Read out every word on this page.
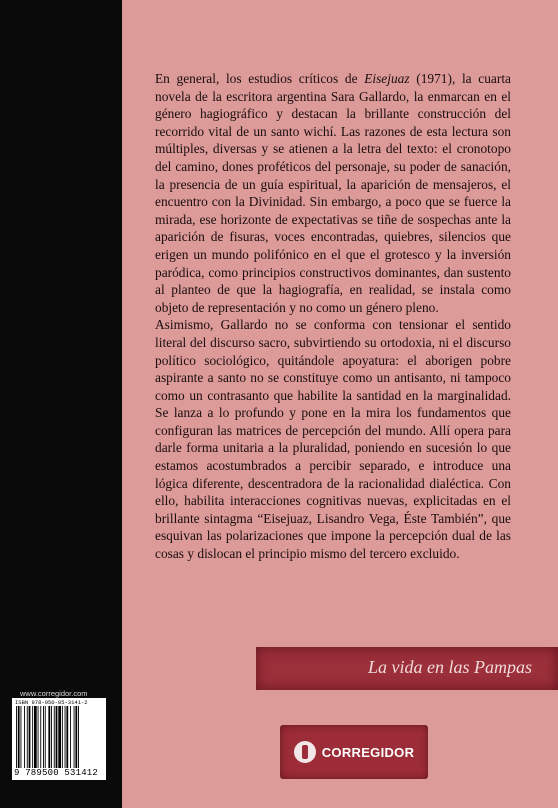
En general, los estudios críticos de Eisejuaz (1971), la cuarta novela de la escritora argentina Sara Gallardo, la enmarcan en el género hagiográfico y destacan la brillante construcción del recorrido vital de un santo wichí. Las razones de esta lectura son múltiples, diversas y se atienen a la letra del texto: el cronotopo del camino, dones proféticos del personaje, su poder de sanación, la presencia de un guía espiritual, la aparición de mensajeros, el encuentro con la Divinidad. Sin embargo, a poco que se fuerce la mirada, ese horizonte de expectativas se tiñe de sospechas ante la aparición de fisuras, voces encontradas, quiebres, silencios que erigen un mundo polifónico en el que el grotesco y la inversión paródica, como principios constructivos dominantes, dan sustento al planteo de que la hagiografía, en realidad, se instala como objeto de representación y no como un género pleno.

Asimismo, Gallardo no se conforma con tensionar el sentido literal del discurso sacro, subvirtiendo su ortodoxia, ni el discurso político sociológico, quitándole apoyatura: el aborigen pobre aspirante a santo no se constituye como un antisanto, ni tampoco como un contrasanto que habilite la santidad en la marginalidad. Se lanza a lo profundo y pone en la mira los fundamentos que configuran las matrices de percepción del mundo. Allí opera para darle forma unitaria a la pluralidad, poniendo en sucesión lo que estamos acostumbrados a percibir separado, e introduce una lógica diferente, descentradora de la racionalidad dialéctica. Con ello, habilita interacciones cognitivas nuevas, explicitadas en el brillante sintagma “Eisejuaz, Lisandro Vega, Éste También”, que esquivan las polarizaciones que impone la percepción dual de las cosas y dislocan el principio mismo del tercero excluido.

La vida en las Pampas
CORREGIDOR
www.corregidor.com
ISBN 978-950-05-3141-2
9 789500 531412
